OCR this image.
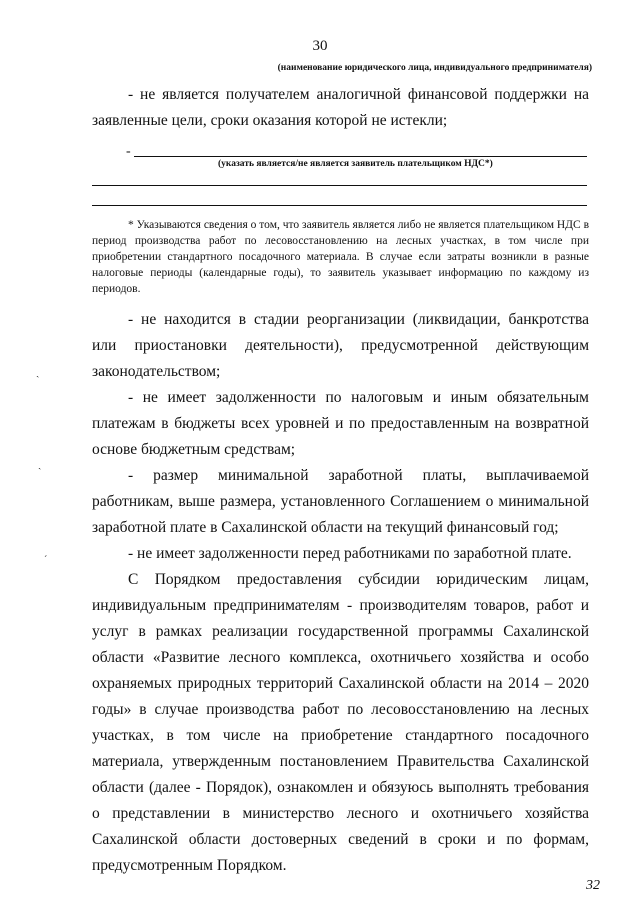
30
(наименование юридического лица, индивидуального предпринимателя)
- не является получателем аналогичной финансовой поддержки на заявленные цели, сроки оказания которой не истекли;
-
(указать является/не является заявитель плательщиком НДС*)
* Указываются сведения о том, что заявитель является либо не является плательщиком НДС в период производства работ по лесовосстановлению на лесных участках, в том числе при приобретении стандартного посадочного материала. В случае если затраты возникли в разные налоговые периоды (календарные годы), то заявитель указывает информацию по каждому из периодов.
- не находится в стадии реорганизации (ликвидации, банкротства или приостановки деятельности), предусмотренной действующим законодательством;
- не имеет задолженности по налоговым и иным обязательным платежам в бюджеты всех уровней и по предоставленным на возвратной основе бюджетным средствам;
- размер минимальной заработной платы, выплачиваемой работникам, выше размера, установленного Соглашением о минимальной заработной плате в Сахалинской области на текущий финансовый год;
- не имеет задолженности перед работниками по заработной плате.
С Порядком предоставления субсидии юридическим лицам, индивидуальным предпринимателям - производителям товаров, работ и услуг в рамках реализации государственной программы Сахалинской области «Развитие лесного комплекса, охотничьего хозяйства и особо охраняемых природных территорий Сахалинской области на 2014 – 2020 годы» в случае производства работ по лесовосстановлению на лесных участках, в том числе на приобретение стандартного посадочного материала, утвержденным постановлением Правительства Сахалинской области (далее - Порядок), ознакомлен и обязуюсь выполнять требования о представлении в министерство лесного и охотничьего хозяйства Сахалинской области достоверных сведений в сроки и по формам, предусмотренным Порядком.
ˎ
ˏ
ˊ
32
